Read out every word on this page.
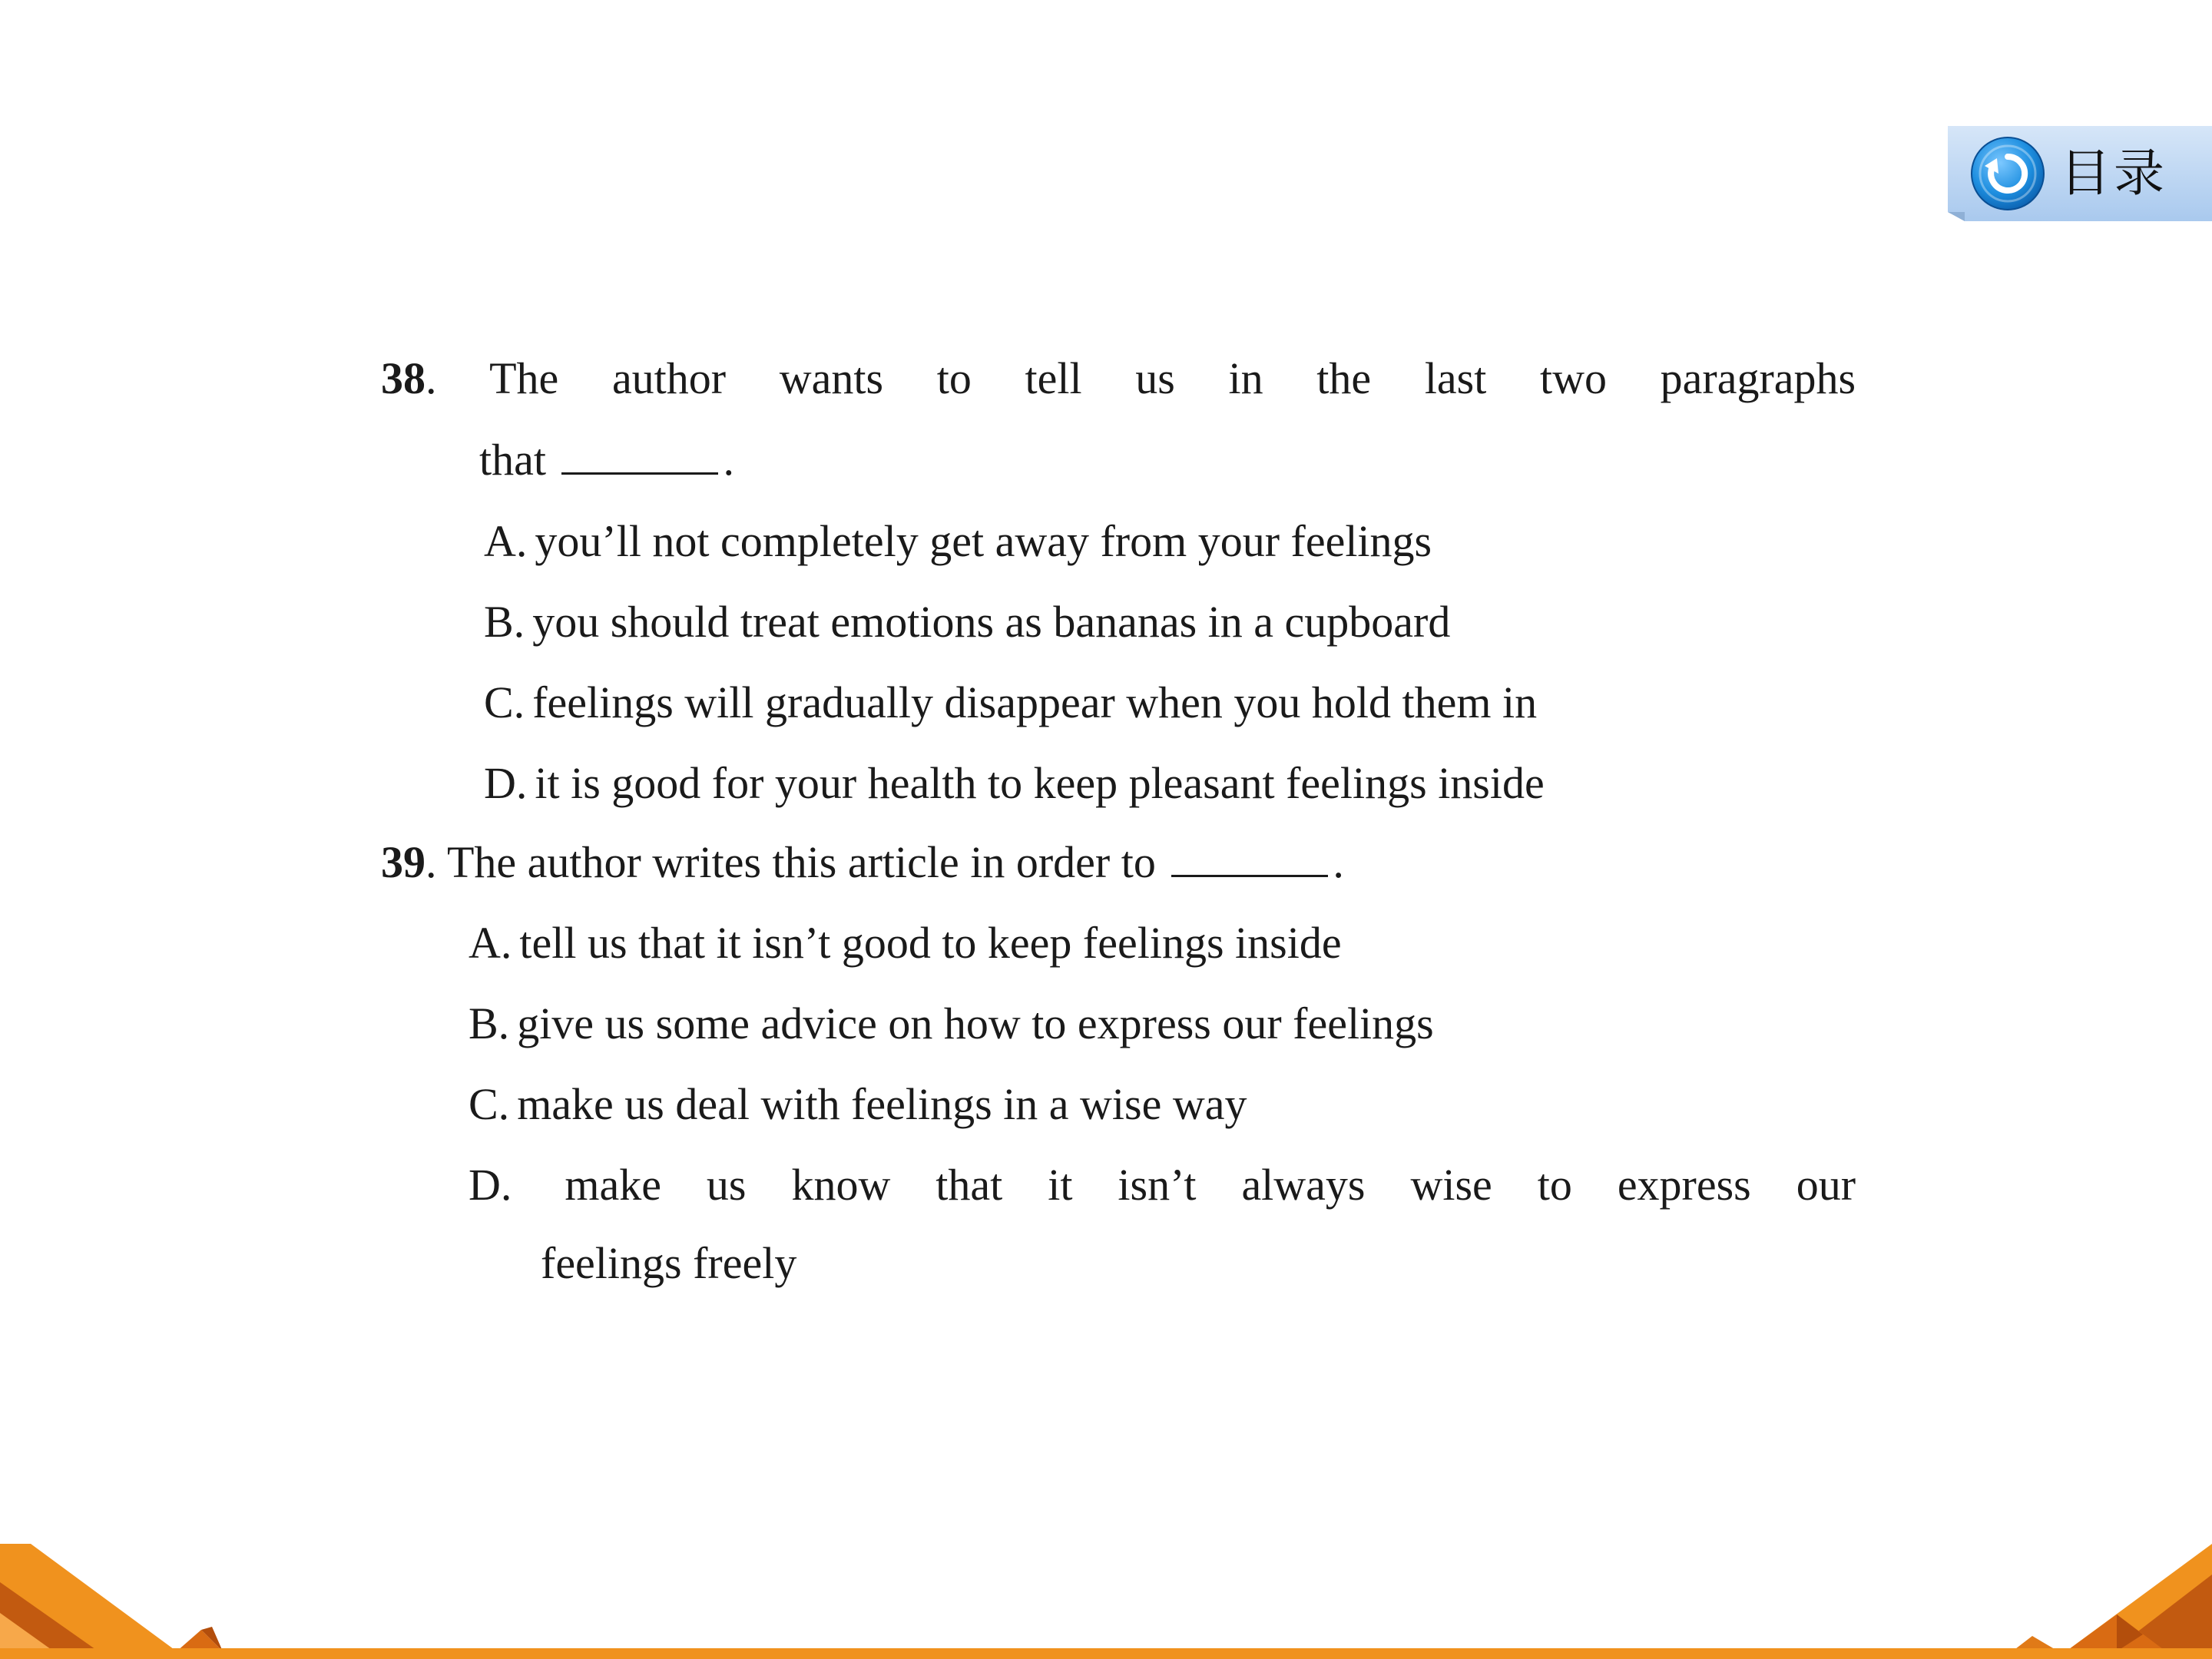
目录
38. The author wants to tell us in the last two paragraphs
that	.
A. you’ll not completely get away from your feelings
B. you should treat emotions as bananas in a cupboard
C. feelings will gradually disappear when you hold them in
D. it is good for your health to keep pleasant feelings inside
39. The author writes this article in order to	.
A. tell us that it isn’t good to keep feelings inside
B. give us some advice on how to express our feelings
C. make us deal with feelings in a wise way
D. make us know that it isn’t always wise to express our
feelings freely
